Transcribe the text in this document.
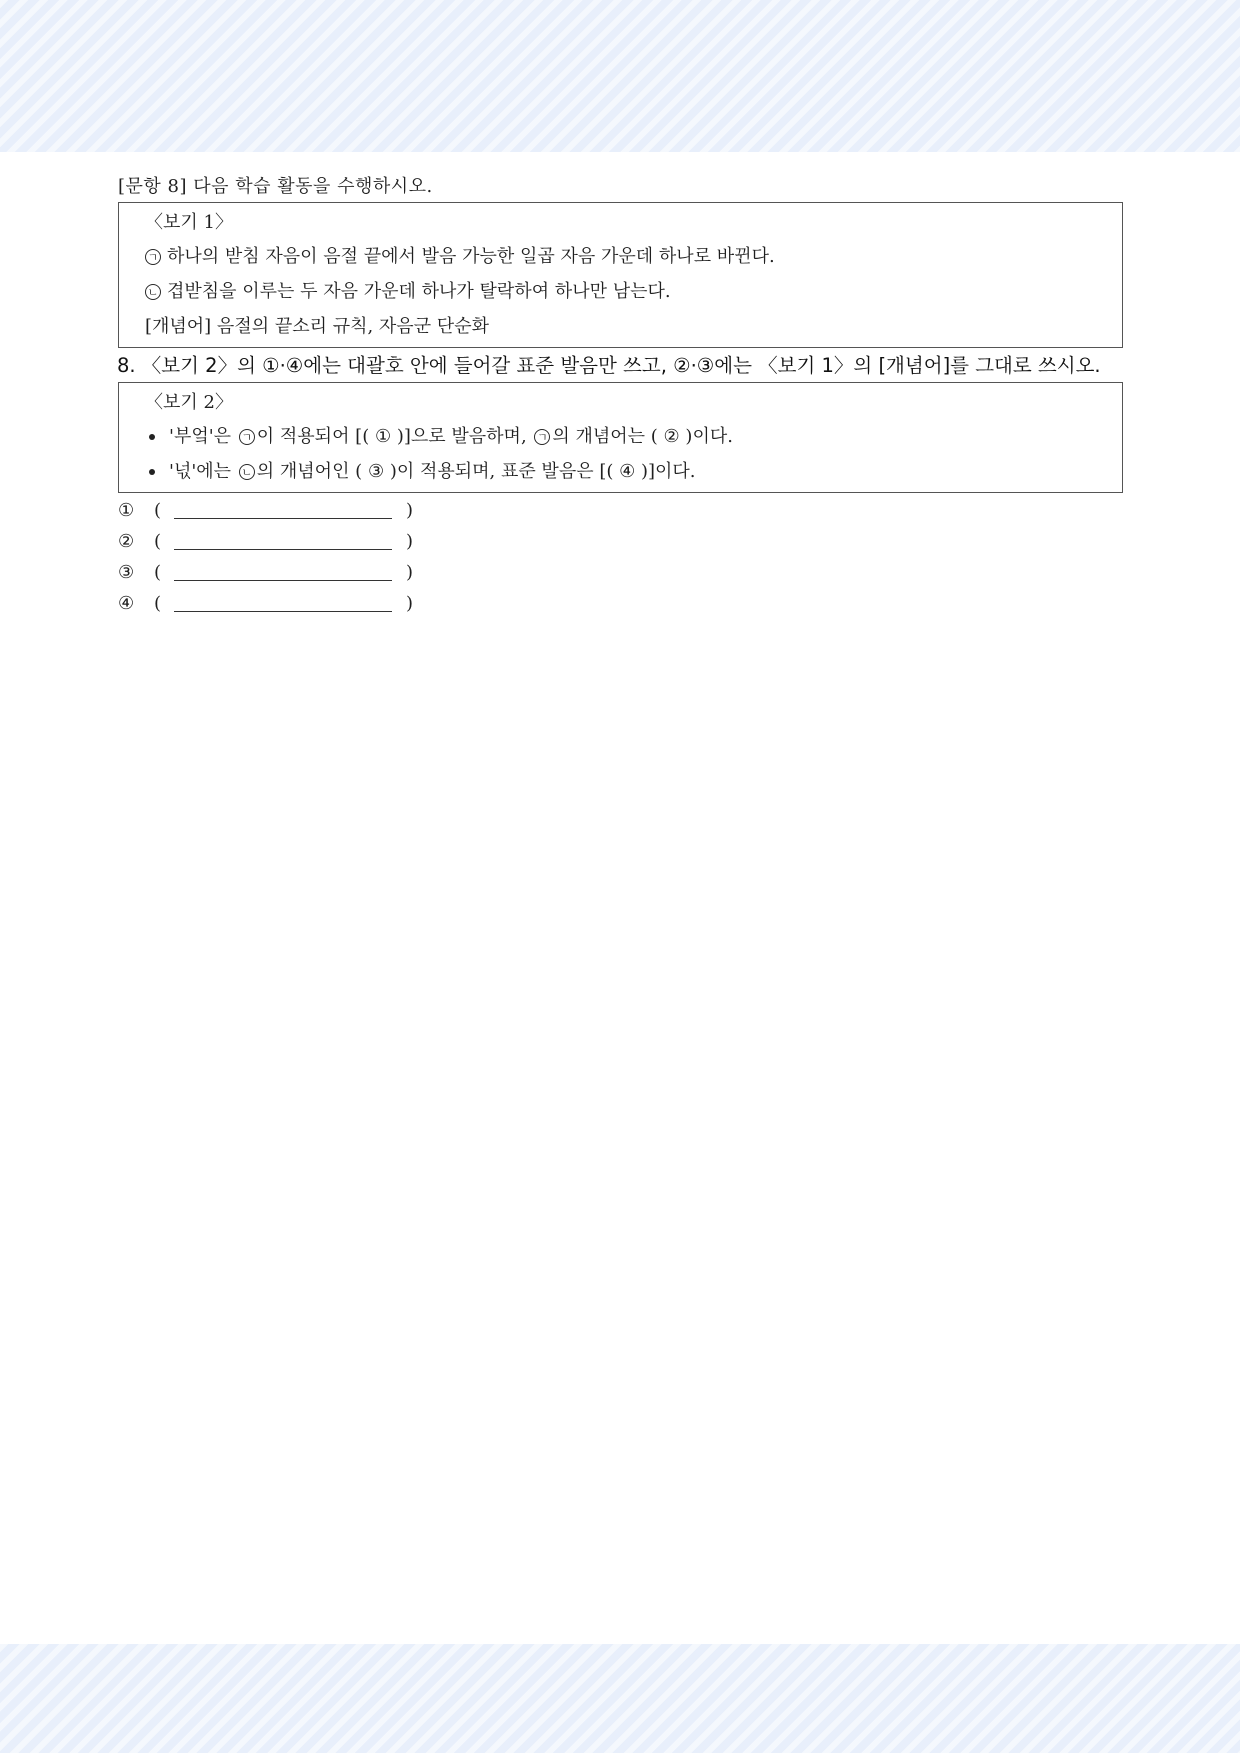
[문항 8] 다음 학습 활동을 수행하시오.
〈보기 1〉
ㄱ 하나의 받침 자음이 음절 끝에서 발음 가능한 일곱 자음 가운데 하나로 바뀐다.
ㄴ 겹받침을 이루는 두 자음 가운데 하나가 탈락하여 하나만 남는다.
[개념어] 음절의 끝소리 규칙, 자음군 단순화
8. 〈보기 2〉의 ①·④에는 대괄호 안에 들어갈 표준 발음만 쓰고, ②·③에는 〈보기 1〉의 [개념어]를 그대로 쓰시오.
〈보기 2〉
'부엌'은
ㄱ 이 적용되어 [(
①
)]으로 발음하며,
ㄱ 의 개념어는 (
②
)이다.
'넋'에는
ㄴ 의 개념어인 (
③
)이 적용되며, 표준 발음은 [(
④
)]이다.
①	(	)
②	(	)
③	(	)
④	(	)
